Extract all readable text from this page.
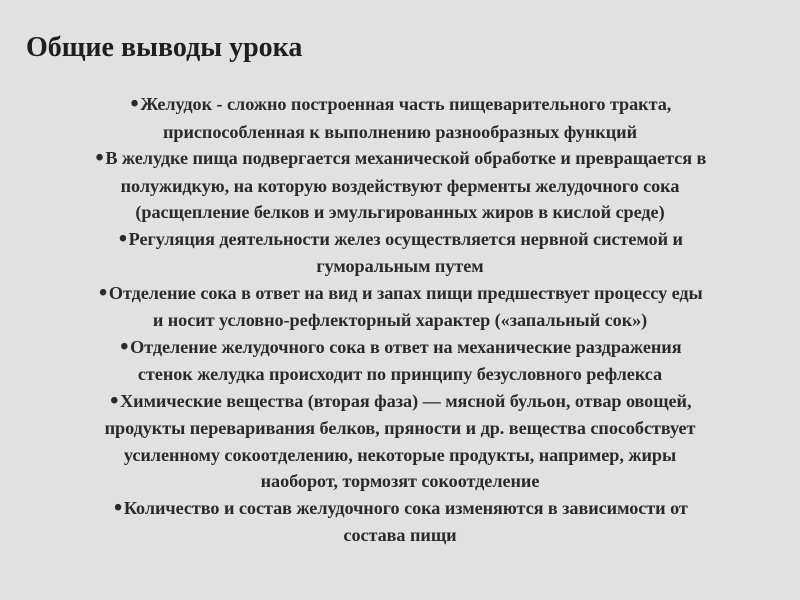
Общие выводы урока
•Желудок - сложно построенная часть пищеварительного тракта,
приспособленная к выполнению разнообразных функций
•В желудке пища подвергается механической обработке и превращается в
полужидкую, на которую воздействуют ферменты желудочного сока
(расщепление белков и эмульгированных жиров в кислой среде)
•Регуляция деятельности желез осуществляется нервной системой и
гуморальным путем
•Отделение сока в ответ на вид и запах пищи предшествует процессу еды
и носит условно-рефлекторный характер («запальный сок»)
•Отделение желудочного сока в ответ на механические раздражения
стенок желудка происходит по принципу безусловного рефлекса
•Химические вещества (вторая фаза) — мясной бульон, отвар овощей,
продукты переваривания белков, пряности и др. вещества способствует
усиленному сокоотделению, некоторые продукты, например, жиры
наоборот, тормозят сокоотделение
•Количество и состав желудочного сока изменяются в зависимости от
состава пищи
